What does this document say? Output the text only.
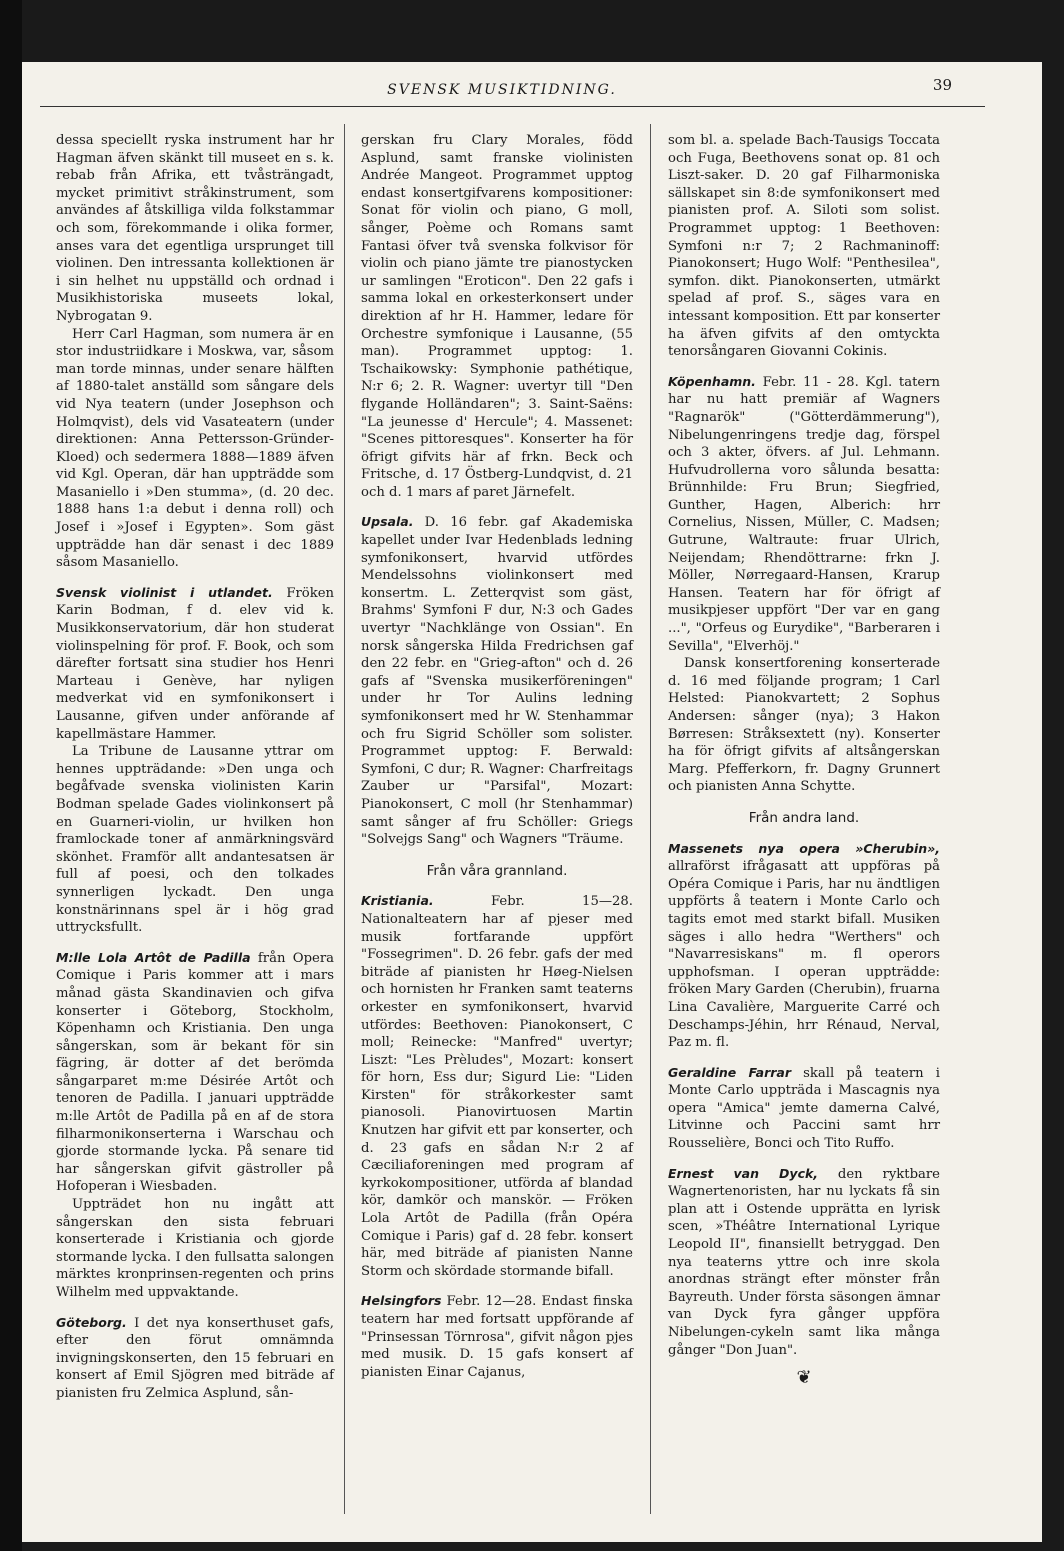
SVENSK MUSIKTIDNING.	39

dessa speciellt ryska instrument har hr Hagman äfven skänkt till museet en s. k. rebab från Afrika, ett tvåsträngadt, mycket primitivt stråkinstrument, som användes af åtskilliga vilda folkstammar och som, förekommande i olika former, anses vara det egentliga ursprunget till violinen. Den intressanta kollektionen är i sin helhet nu uppställd och ordnad i Musikhistoriska museets lokal, Nybrogatan 9.

Herr Carl Hagman, som numera är en stor industriidkare i Moskwa, var, såsom man torde minnas, under senare hälften af 1880-talet anställd som sångare dels vid Nya teatern (under Josephson och Holmqvist), dels vid Vasateatern (under direktionen: Anna Pettersson-Gründer-Kloed) och sedermera 1888—1889 äfven vid Kgl. Operan, där han uppträdde som Masaniello i »Den stumma», (d. 20 dec. 1888 hans 1:a debut i denna roll) och Josef i »Josef i Egypten». Som gäst uppträdde han där senast i dec 1889 såsom Masaniello.

Svensk violinist i utlandet. Fröken Karin Bodman, f d. elev vid k. Musikkonservatorium, där hon studerat violinspelning för prof. F. Book, och som därefter fortsatt sina studier hos Henri Marteau i Genève, har nyligen medverkat vid en symfonikonsert i Lausanne, gifven under anförande af kapellmästare Hammer.

La Tribune de Lausanne yttrar om hennes uppträdande: »Den unga och begåfvade svenska violinisten Karin Bodman spelade Gades violinkonsert på en Guarneri-violin, ur hvilken hon framlockade toner af anmärkningsvärd skönhet. Framför allt andantesatsen är full af poesi, och den tolkades synnerligen lyckadt. Den unga konstnärinnans spel är i hög grad uttrycksfullt.

M:lle Lola Artôt de Padilla från Opera Comique i Paris kommer att i mars månad gästa Skandinavien och gifva konserter i Göteborg, Stockholm, Köpenhamn och Kristiania. Den unga sångerskan, som är bekant för sin fägring, är dotter af det berömda sångarparet m:me Désirée Artôt och tenoren de Padilla. I januari uppträdde m:lle Artôt de Padilla på en af de stora filharmonikonserterna i Warschau och gjorde stormande lycka. På senare tid har sångerskan gifvit gästroller på Hofoperan i Wiesbaden.

Uppträdet hon nu ingått att sångerskan den sista februari konserterade i Kristiania och gjorde stormande lycka. I den fullsatta salongen märktes kronprinsen-regenten och prins Wilhelm med uppvaktande.

Göteborg. I det nya konserthuset gafs, efter den förut omnämnda invigningskonserten, den 15 februari en konsert af Emil Sjögren med biträde af pianisten fru Zelmica Asplund, sån-

gerskan fru Clary Morales, född Asplund, samt franske violinisten Andrée Mangeot. Programmet upptog endast konsertgifvarens kompositioner: Sonat för violin och piano, G moll, sånger, Poème och Romans samt Fantasi öfver två svenska folkvisor för violin och piano jämte tre pianostycken ur samlingen "Eroticon". Den 22 gafs i samma lokal en orkesterkonsert under direktion af hr H. Hammer, ledare för Orchestre symfonique i Lausanne, (55 man). Programmet upptog: 1. Tschaikowsky: Symphonie pathétique, N:r 6; 2. R. Wagner: uvertyr till "Den flygande Holländaren"; 3. Saint-Saëns: "La jeunesse d' Hercule"; 4. Massenet: "Scenes pittoresques". Konserter ha för öfrigt gifvits här af frkn. Beck och Fritsche, d. 17 Östberg-Lundqvist, d. 21 och d. 1 mars af paret Järnefelt.

Upsala. D. 16 febr. gaf Akademiska kapellet under Ivar Hedenblads ledning symfonikonsert, hvarvid utfördes Mendelssohns violinkonsert med konsertm. L. Zetterqvist som gäst, Brahms' Symfoni F dur, N:3 och Gades uvertyr "Nachklänge von Ossian". En norsk sångerska Hilda Fredrichsen gaf den 22 febr. en "Grieg-afton" och d. 26 gafs af "Svenska musikerföreningen" under hr Tor Aulins ledning symfonikonsert med hr W. Stenhammar och fru Sigrid Schöller som solister. Programmet upptog: F. Berwald: Symfoni, C dur; R. Wagner: Charfreitags Zauber ur "Parsifal", Mozart: Pianokonsert, C moll (hr Stenhammar) samt sånger af fru Schöller: Griegs "Solvejgs Sang" och Wagners "Träume.

Från våra grannland.

Kristiania. Febr. 15—28. Nationalteatern har af pjeser med musik fortfarande uppfört "Fossegrimen". D. 26 febr. gafs der med biträde af pianisten hr Høeg-Nielsen och hornisten hr Franken samt teaterns orkester en symfonikonsert, hvarvid utfördes: Beethoven: Pianokonsert, C moll; Reinecke: "Manfred" uvertyr; Liszt: "Les Prèludes", Mozart: konsert för horn, Ess dur; Sigurd Lie: "Liden Kirsten" för stråkorkester samt pianosoli. Pianovirtuosen Martin Knutzen har gifvit ett par konserter, och d. 23 gafs en sådan N:r 2 af Cæciliaforeningen med program af kyrkokompositioner, utförda af blandad kör, damkör och manskör. — Fröken Lola Artôt de Padilla (från Opéra Comique i Paris) gaf d. 28 febr. konsert här, med biträde af pianisten Nanne Storm och skördade stormande bifall.

Helsingfors Febr. 12—28. Endast finska teatern har med fortsatt uppförande af "Prinsessan Törnrosa", gifvit någon pjes med musik. D. 15 gafs konsert af pianisten Einar Cajanus,

som bl. a. spelade Bach-Tausigs Toccata och Fuga, Beethovens sonat op. 81 och Liszt-saker. D. 20 gaf Filharmoniska sällskapet sin 8:de symfonikonsert med pianisten prof. A. Siloti som solist. Programmet upptog: 1 Beethoven: Symfoni n:r 7; 2 Rachmaninoff: Pianokonsert; Hugo Wolf: "Penthesilea", symfon. dikt. Pianokonserten, utmärkt spelad af prof. S., säges vara en intessant komposition. Ett par konserter ha äfven gifvits af den omtyckta tenorsångaren Giovanni Cokinis.

Köpenhamn. Febr. 11 - 28. Kgl. tatern har nu hatt premiär af Wagners "Ragnarök" ("Götterdämmerung"), Nibelungenringens tredje dag, förspel och 3 akter, öfvers. af Jul. Lehmann. Hufvudrollerna voro sålunda besatta: Brünnhilde: Fru Brun; Siegfried, Gunther, Hagen, Alberich: hrr Cornelius, Nissen, Müller, C. Madsen; Gutrune, Waltraute: fruar Ulrich, Neijendam; Rhendöttrarne: frkn J. Möller, Nørregaard-Hansen, Krarup Hansen. Teatern har för öfrigt af musikpjeser uppfört "Der var en gang ...", "Orfeus og Eurydike", "Barberaren i Sevilla", "Elverhöj."

Dansk konsertforening konserterade d. 16 med följande program; 1 Carl Helsted: Pianokvartett; 2 Sophus Andersen: sånger (nya); 3 Hakon Børresen: Stråksextett (ny). Konserter ha för öfrigt gifvits af altsångerskan Marg. Pfefferkorn, fr. Dagny Grunnert och pianisten Anna Schytte.

Från andra land.

Massenets nya opera »Cherubin», allraförst ifrågasatt att uppföras på Opéra Comique i Paris, har nu ändtligen uppförts å teatern i Monte Carlo och tagits emot med starkt bifall. Musiken säges i allo hedra "Werthers" och "Navarresiskans" m. fl operors upphofsman. I operan uppträdde: fröken Mary Garden (Cherubin), fruarna Lina Cavalière, Marguerite Carré och Deschamps-Jéhin, hrr Rénaud, Nerval, Paz m. fl.

Geraldine Farrar skall på teatern i Monte Carlo uppträda i Mascagnis nya opera "Amica" jemte damerna Calvé, Litvinne och Paccini samt hrr Rousselière, Bonci och Tito Ruffo.

Ernest van Dyck, den ryktbare Wagnertenoristen, har nu lyckats få sin plan att i Ostende upprätta en lyrisk scen, »Théâtre International Lyrique Leopold II", finansiellt betryggad. Den nya teaterns yttre och inre skola anordnas strängt efter mönster från Bayreuth. Under första säsongen ämnar van Dyck fyra gånger uppföra Nibelungen-cykeln samt lika många gånger "Don Juan".

❦
